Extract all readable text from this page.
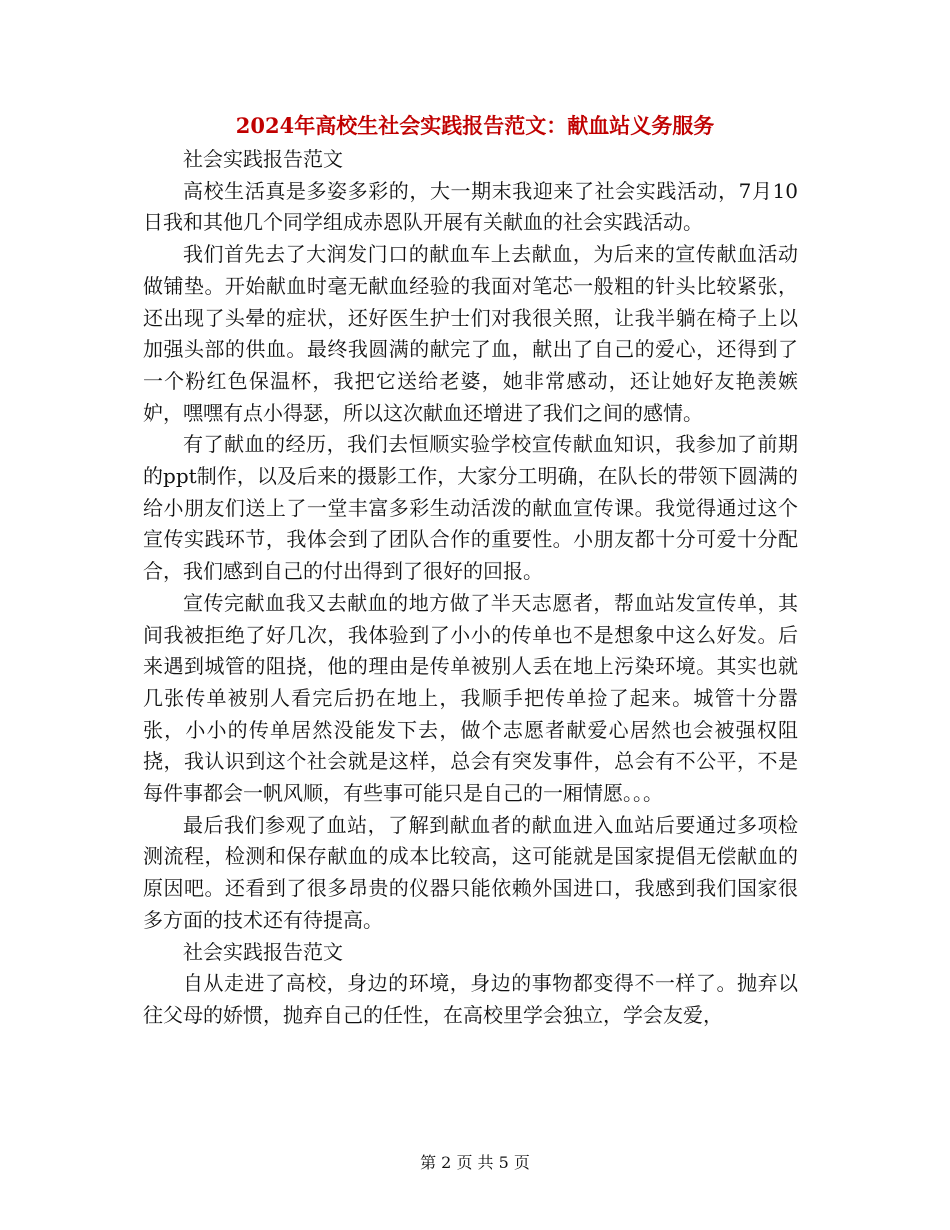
2024年高校生社会实践报告范文：献血站义务服务

社会实践报告范文

高校生活真是多姿多彩的，大一期末我迎来了社会实践活动，7月10日我和其他几个同学组成赤恩队开展有关献血的社会实践活动。

我们首先去了大润发门口的献血车上去献血，为后来的宣传献血活动做铺垫。开始献血时毫无献血经验的我面对笔芯一般粗的针头比较紧张，还出现了头晕的症状，还好医生护士们对我很关照，让我半躺在椅子上以加强头部的供血。最终我圆满的献完了血，献出了自己的爱心，还得到了一个粉红色保温杯，我把它送给老婆，她非常感动，还让她好友艳羡嫉妒，嘿嘿有点小得瑟，所以这次献血还增进了我们之间的感情。

有了献血的经历，我们去恒顺实验学校宣传献血知识，我参加了前期的ppt制作，以及后来的摄影工作，大家分工明确，在队长的带领下圆满的给小朋友们送上了一堂丰富多彩生动活泼的献血宣传课。我觉得通过这个宣传实践环节，我体会到了团队合作的重要性。小朋友都十分可爱十分配合，我们感到自己的付出得到了很好的回报。

宣传完献血我又去献血的地方做了半天志愿者，帮血站发宣传单，其间我被拒绝了好几次，我体验到了小小的传单也不是想象中这么好发。后来遇到城管的阻挠，他的理由是传单被别人丢在地上污染环境。其实也就几张传单被别人看完后扔在地上，我顺手把传单捡了起来。城管十分嚣张，小小的传单居然没能发下去，做个志愿者献爱心居然也会被强权阻挠，我认识到这个社会就是这样，总会有突发事件，总会有不公平，不是每件事都会一帆风顺，有些事可能只是自己的一厢情愿。。。

最后我们参观了血站，了解到献血者的献血进入血站后要通过多项检测流程，检测和保存献血的成本比较高，这可能就是国家提倡无偿献血的原因吧。还看到了很多昂贵的仪器只能依赖外国进口，我感到我们国家很多方面的技术还有待提高。

社会实践报告范文

自从走进了高校，身边的环境，身边的事物都变得不一样了。抛弃以往父母的娇惯，抛弃自己的任性，在高校里学会独立，学会友爱，

第 2 页 共 5 页
